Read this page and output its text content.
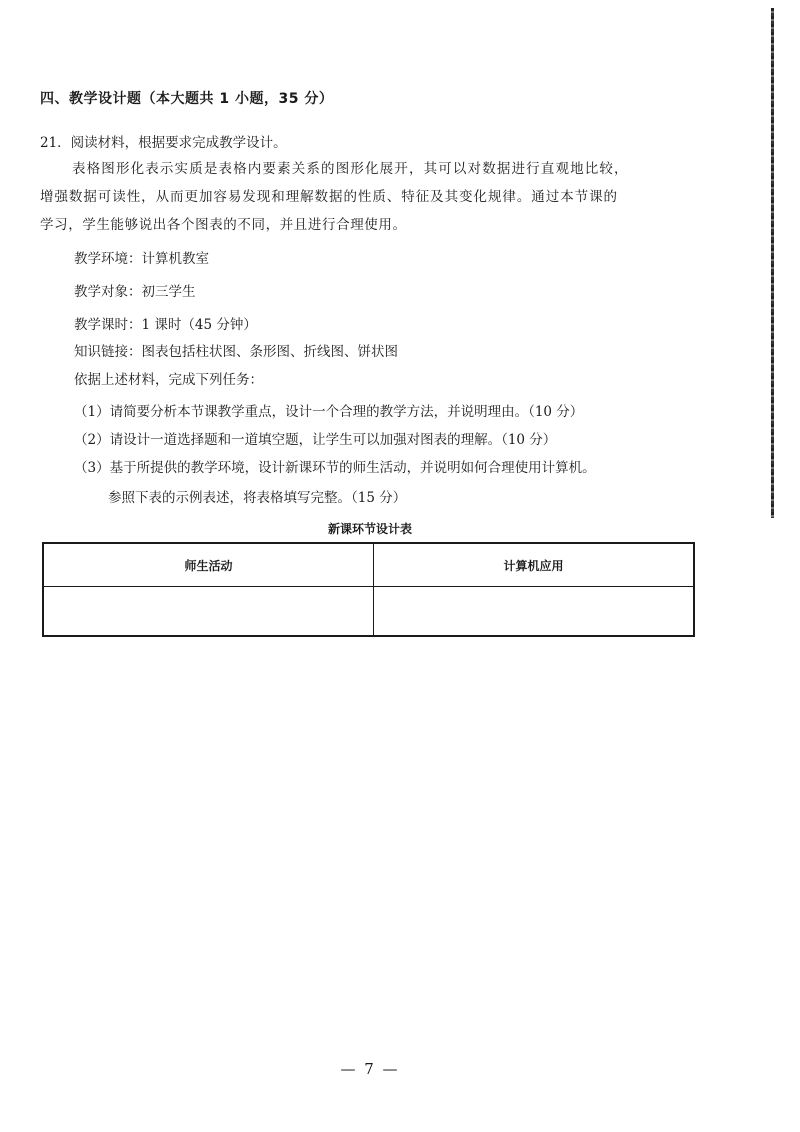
四、教学设计题（本大题共 1 小题，35 分）
21．阅读材料，根据要求完成教学设计。
表格图形化表示实质是表格内要素关系的图形化展开，其可以对数据进行直观地比较，
增强数据可读性，从而更加容易发现和理解数据的性质、特征及其变化规律。通过本节课的
学习，学生能够说出各个图表的不同，并且进行合理使用。
教学环境：计算机教室
教学对象：初三学生
教学课时：1 课时（45 分钟）
知识链接：图表包括柱状图、条形图、折线图、饼状图
依据上述材料，完成下列任务：
（1）请简要分析本节课教学重点，设计一个合理的教学方法，并说明理由。（10 分）
（2）请设计一道选择题和一道填空题，让学生可以加强对图表的理解。（10 分）
（3）基于所提供的教学环境，设计新课环节的师生活动，并说明如何合理使用计算机。
参照下表的示例表述，将表格填写完整。（15 分）
新课环节设计表
师生活动	计算机应用

— 7 —
